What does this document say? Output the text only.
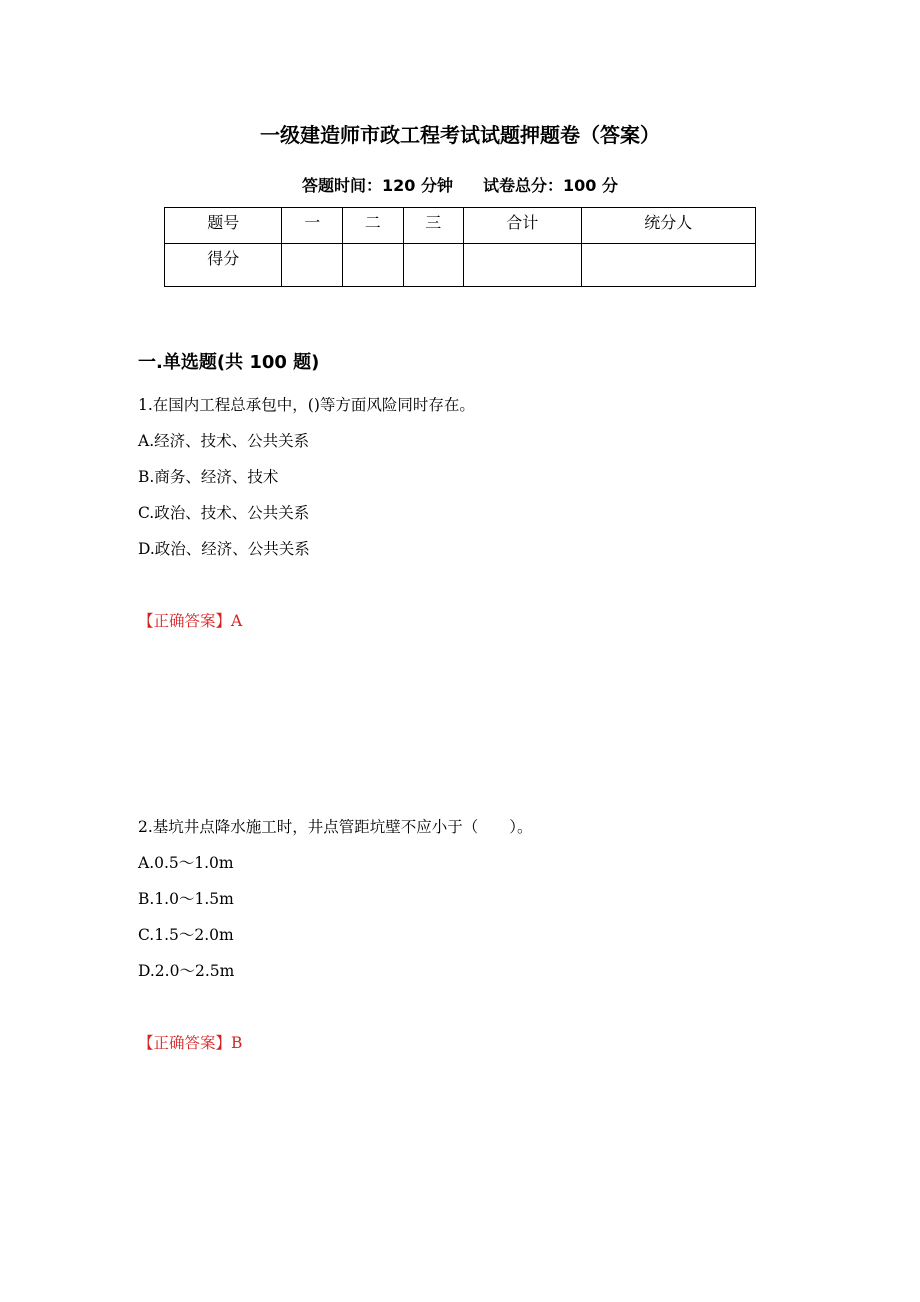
一级建造师市政工程考试试题押题卷（答案）
答题时间：120 分钟 试卷总分：100 分
题号	一	二	三	合计	统分人
得分					
一.单选题(共 100 题)
1.在国内工程总承包中，()等方面风险同时存在。
A.经济、技术、公共关系
B.商务、经济、技术
C.政治、技术、公共关系
D.政治、经济、公共关系
【正确答案】A
2.基坑井点降水施工时，井点管距坑壁不应小于（　　）。
A.0.5～1.0m
B.1.0～1.5m
C.1.5～2.0m
D.2.0～2.5m
【正确答案】B
